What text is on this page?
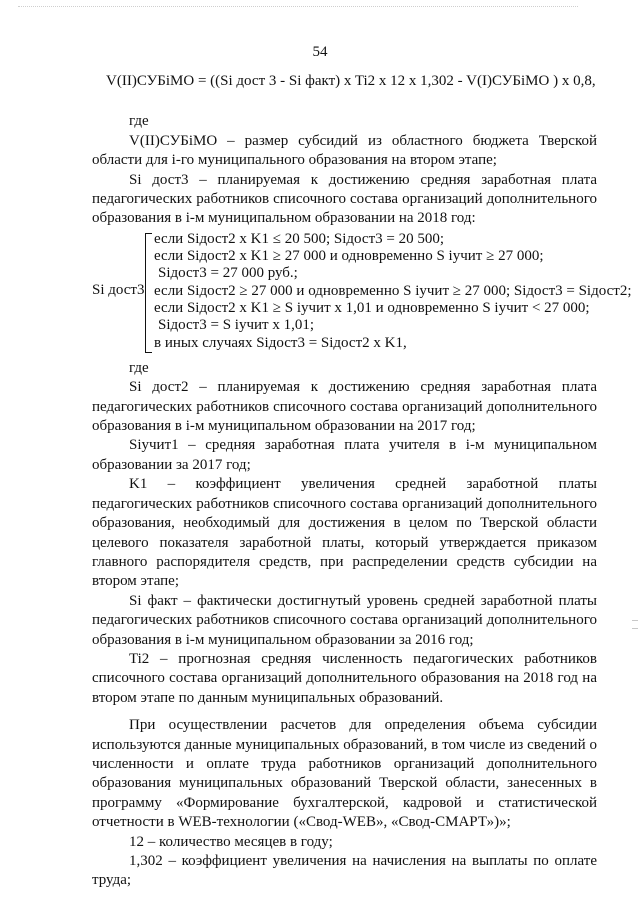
54

V(II)СУБiМО = ((Si дост 3 - Si факт) x Ti2 x 12 x 1,302 - V(I)СУБiМО ) x 0,8,

где

V(II)СУБiМО – размер субсидий из областного бюджета Тверской области для i-го муниципального образования на втором этапе;

Si дост3 – планируемая к достижению средняя заработная плата педагогических работников списочного состава организаций дополнительного образования в i-м муниципальном образовании на 2018 год:

Si дост3
если Siдост2 x K1 ≤ 20 500; Siдост3 = 20 500;
если Siдост2 x K1 ≥ 27 000 и одновременно S iучит ≥ 27 000;
Siдост3 = 27 000 руб.;
если Siдост2 ≥ 27 000 и одновременно S iучит ≥ 27 000; Siдост3 = Siдост2;
если Siдост2 x K1 ≥ S iучит x 1,01 и одновременно S iучит < 27 000;
Siдост3 = S iучит x 1,01;
в иных случаях Siдост3 = Siдост2 x K1,

где

Si дост2 – планируемая к достижению средняя заработная плата педагогических работников списочного состава организаций дополнительного образования в i-м муниципальном образовании на 2017 год;

Siучит1 – средняя заработная плата учителя в i-м муниципальном образовании за 2017 год;

K1 – коэффициент увеличения средней заработной платы педагогических работников списочного состава организаций дополнительного образования, необходимый для достижения в целом по Тверской области целевого показателя заработной платы, который утверждается приказом главного распорядителя средств, при распределении средств субсидии на втором этапе;

Si факт – фактически достигнутый уровень средней заработной платы педагогических работников списочного состава организаций дополнительного образования в i-м муниципальном образовании за 2016 год;

Ti2 – прогнозная средняя численность педагогических работников списочного состава организаций дополнительного образования на 2018 год на втором этапе по данным муниципальных образований.

При осуществлении расчетов для определения объема субсидии используются данные муниципальных образований, в том числе из сведений о численности и оплате труда работников организаций дополнительного образования муниципальных образований Тверской области, занесенных в программу «Формирование бухгалтерской, кадровой и статистической отчетности в WEB-технологии («Свод-WEB», «Свод-СМАРТ»)»;

12 – количество месяцев в году;

1,302 – коэффициент увеличения на начисления на выплаты по оплате труда;
